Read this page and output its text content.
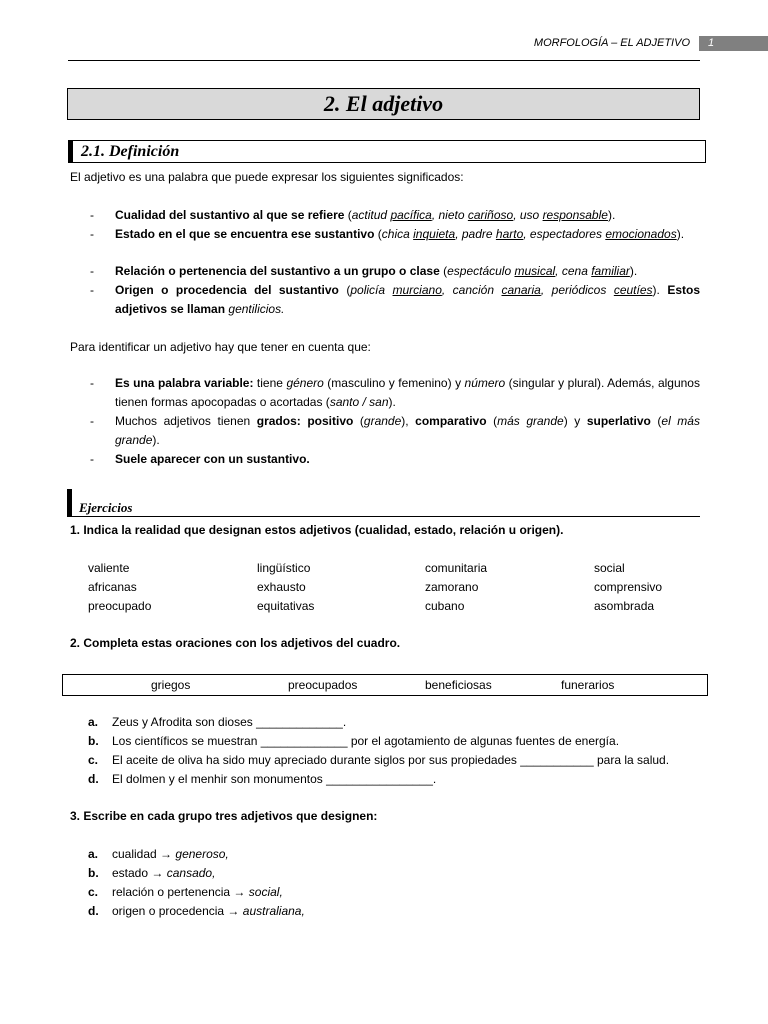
MORFOLOGÍA – EL ADJETIVO	1
2. El adjetivo
2.1. Definición
El adjetivo es una palabra que puede expresar los siguientes significados:
- Cualidad del sustantivo al que se refiere (actitud pacífica, nieto cariñoso, uso responsable).
- Estado en el que se encuentra ese sustantivo (chica inquieta, padre harto, espectadores emocionados).
- Relación o pertenencia del sustantivo a un grupo o clase (espectáculo musical, cena familiar).
- Origen o procedencia del sustantivo (policía murciano, canción canaria, periódicos ceutíes). Estos adjetivos se llaman gentilicios.
Para identificar un adjetivo hay que tener en cuenta que:
- Es una palabra variable: tiene género (masculino y femenino) y número (singular y plural). Además, algunos tienen formas apocopadas o acortadas (santo / san).
- Muchos adjetivos tienen grados: positivo (grande), comparativo (más grande) y superlativo (el más grande).
- Suele aparecer con un sustantivo.
Ejercicios
1. Indica la realidad que designan estos adjetivos (cualidad, estado, relación u origen).
valiente	lingüístico	comunitaria	social
africanas	exhausto	zamorano	comprensivo
preocupado	equitativas	cubano	asombrada
2. Completa estas oraciones con los adjetivos del cuadro.
griegos	preocupados	beneficiosas	funerarios
a. Zeus y Afrodita son dioses _____________.
b. Los científicos se muestran _____________ por el agotamiento de algunas fuentes de energía.
c. El aceite de oliva ha sido muy apreciado durante siglos por sus propiedades ___________ para la salud.
d. El dolmen y el menhir son monumentos ________________.
3. Escribe en cada grupo tres adjetivos que designen:
a. cualidad → generoso,
b. estado → cansado,
c. relación o pertenencia → social,
d. origen o procedencia → australiana,
